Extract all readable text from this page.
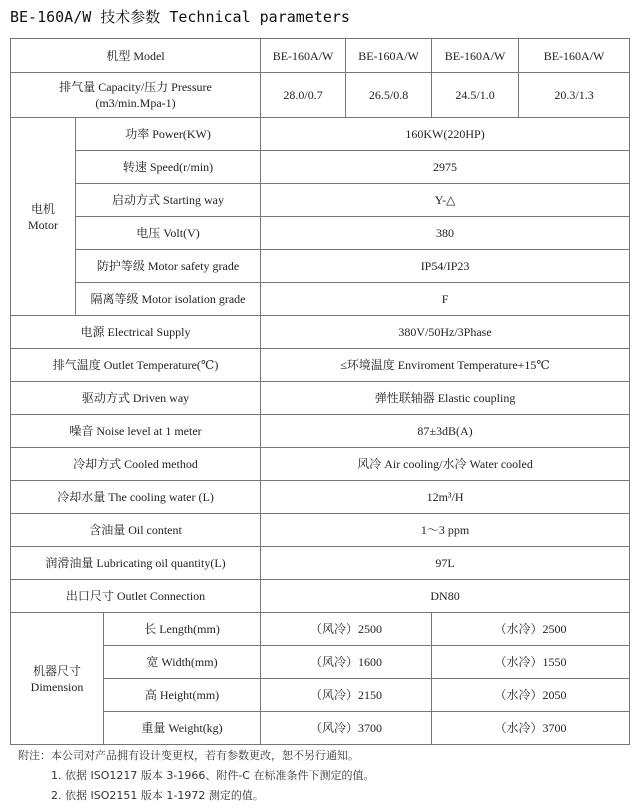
BE-160A/W 技术参数 Technical parameters
机型 Model			BE-160A/W	BE-160A/W	BE-160A/W	BE-160A/W

排气量 Capacity/压力 Pressure
(m3/min.Mpa-1)			28.0/0.7	26.5/0.8	24.5/1.0	20.3/1.3

电机
Motor	功率 Power(KW)		160KW(220HP)			
	转速 Speed(r/min)		2975			
	启动方式 Starting way		Y-△			
	电压 Volt(V)		380			
	防护等级 Motor safety grade		IP54/IP23			
	隔离等级 Motor isolation grade		F			
电源 Electrical Supply			380V/50Hz/3Phase			
排气温度 Outlet Temperature(℃)			≤环境温度 Enviroment Temperature+15℃			
驱动方式 Driven way			弹性联轴器 Elastic coupling			
噪音 Noise level at 1 meter			87±3dB(A)			
冷却方式 Cooled method			风冷 Air cooling/水冷 Water cooled			
冷却水量 The cooling water (L)			12m³/H			
含油量 Oil content			1～3 ppm			
润滑油量 Lubricating oil quantity(L)			97L			
出口尺寸 Outlet Connection			DN80			

机器尺寸
Dimension		长 Length(mm)	（风冷）2500		（水冷）2500	
		宽 Width(mm)	（风冷）1600		（水冷）1550	
		高 Height(mm)	（风冷）2150		（水冷）2050	
		重量 Weight(kg)	（风冷）3700		（水冷）3700	
附注：本公司对产品拥有设计变更权，若有参数更改，恕不另行通知。
1. 依据 ISO1217 版本 3-1966、附件-C 在标准条件下测定的值。
2. 依据 ISO2151 版本 1-1972 测定的值。
